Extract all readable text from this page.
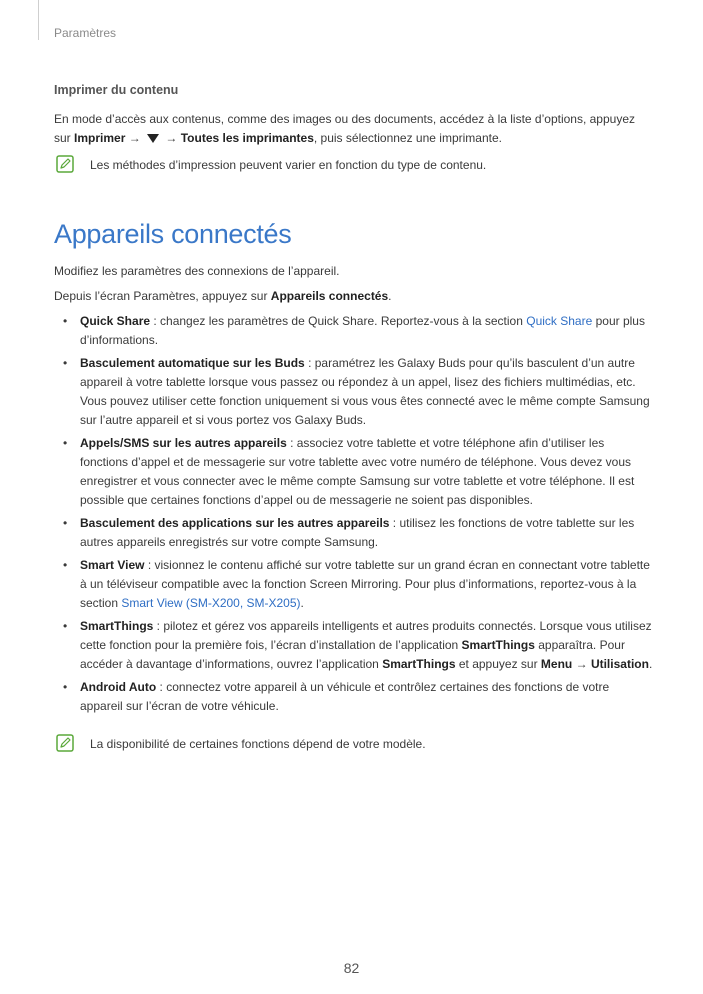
Paramètres
Imprimer du contenu

En mode d’accès aux contenus, comme des images ou des documents, accédez à la liste d’options, appuyez sur Imprimer →  → Toutes les imprimantes, puis sélectionnez une imprimante.

Les méthodes d’impression peuvent varier en fonction du type de contenu.
Appareils connectés

Modifiez les paramètres des connexions de l’appareil.

Depuis l’écran Paramètres, appuyez sur Appareils connectés.

• Quick Share : changez les paramètres de Quick Share. Reportez-vous à la section Quick Share pour plus d’informations.
• Basculement automatique sur les Buds : paramétrez les Galaxy Buds pour qu’ils basculent d’un autre appareil à votre tablette lorsque vous passez ou répondez à un appel, lisez des fichiers multimédias, etc. Vous pouvez utiliser cette fonction uniquement si vous vous êtes connecté avec le même compte Samsung sur l’autre appareil et si vous portez vos Galaxy Buds.
• Appels/SMS sur les autres appareils : associez votre tablette et votre téléphone afin d’utiliser les fonctions d’appel et de messagerie sur votre tablette avec votre numéro de téléphone. Vous devez vous enregistrer et vous connecter avec le même compte Samsung sur votre tablette et votre téléphone. Il est possible que certaines fonctions d’appel ou de messagerie ne soient pas disponibles.
• Basculement des applications sur les autres appareils : utilisez les fonctions de votre tablette sur les autres appareils enregistrés sur votre compte Samsung.
• Smart View : visionnez le contenu affiché sur votre tablette sur un grand écran en connectant votre tablette à un téléviseur compatible avec la fonction Screen Mirroring. Pour plus d’informations, reportez-vous à la section Smart View (SM-X200, SM-X205).
• SmartThings : pilotez et gérez vos appareils intelligents et autres produits connectés. Lorsque vous utilisez cette fonction pour la première fois, l’écran d’installation de l’application SmartThings apparaîtra. Pour accéder à davantage d’informations, ouvrez l’application SmartThings et appuyez sur Menu → Utilisation.
• Android Auto : connectez votre appareil à un véhicule et contrôlez certaines des fonctions de votre appareil sur l’écran de votre véhicule.
La disponibilité de certaines fonctions dépend de votre modèle.
82
